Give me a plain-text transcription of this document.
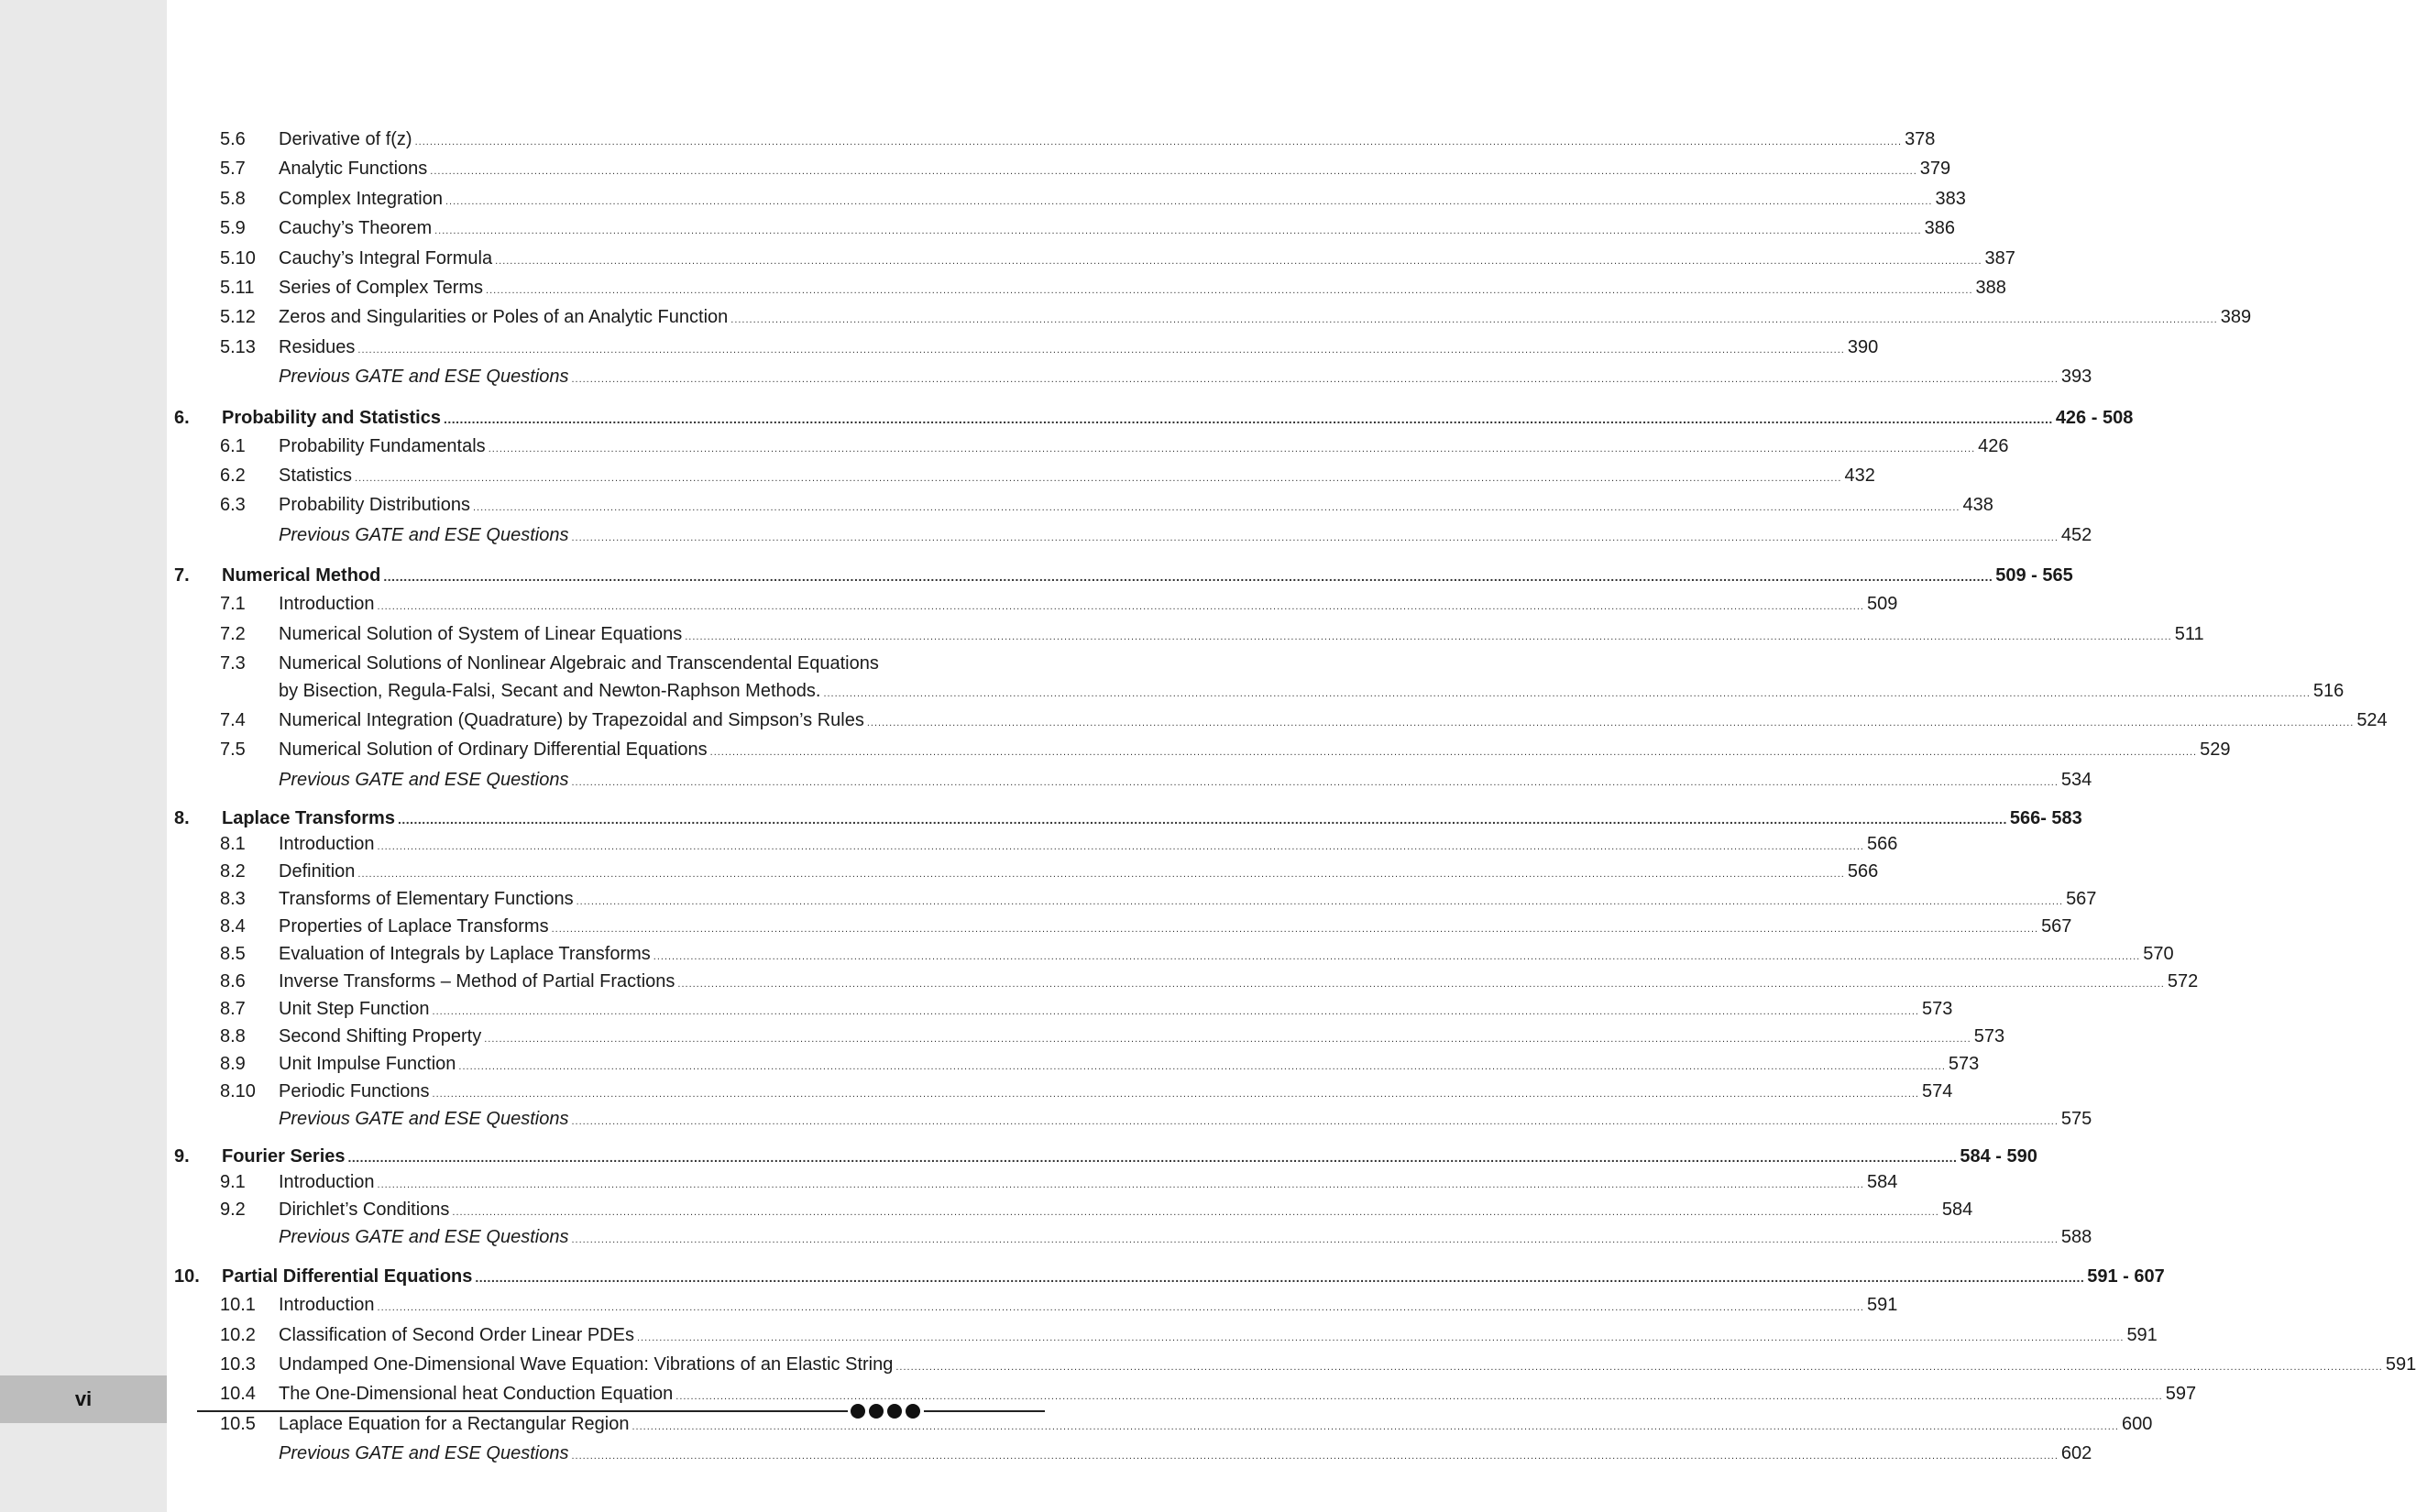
vi
5.6	Derivative of f(z) ................................................................................................................................................................................................................................................................................................................................................................................................................ 378
5.7	Analytic Functions ................................................................................................................................................................................................................................................................................................................................................................................................................ 379
5.8	Complex Integration ................................................................................................................................................................................................................................................................................................................................................................................................................ 383
5.9	Cauchy’s Theorem ................................................................................................................................................................................................................................................................................................................................................................................................................ 386
5.10	Cauchy’s Integral Formula ................................................................................................................................................................................................................................................................................................................................................................................................................ 387
5.11	Series of Complex Terms ................................................................................................................................................................................................................................................................................................................................................................................................................ 388
5.12	Zeros and Singularities or Poles of an Analytic Function ................................................................................................................................................................................................................................................................................................................................................................................................................ 389
5.13	Residues ................................................................................................................................................................................................................................................................................................................................................................................................................ 390
Previous GATE and ESE Questions ................................................................................................................................................................................................................................................................................................................................................................................................................ 393
6.	Probability and Statistics ................................................................................................................................................................................................................................................................................................................................................................................................................ 426 - 508
6.1	Probability Fundamentals ................................................................................................................................................................................................................................................................................................................................................................................................................ 426
6.2	Statistics ................................................................................................................................................................................................................................................................................................................................................................................................................ 432
6.3	Probability Distributions ................................................................................................................................................................................................................................................................................................................................................................................................................ 438
Previous GATE and ESE Questions ................................................................................................................................................................................................................................................................................................................................................................................................................ 452
7.	Numerical Method ................................................................................................................................................................................................................................................................................................................................................................................................................ 509 - 565
7.1	Introduction ................................................................................................................................................................................................................................................................................................................................................................................................................ 509
7.2	Numerical Solution of System of Linear Equations ................................................................................................................................................................................................................................................................................................................................................................................................................ 511
7.3	Numerical Solutions of Nonlinear Algebraic and Transcendental Equations
by Bisection, Regula-Falsi, Secant and Newton-Raphson Methods. ................................................................................................................................................................................................................................................................................................................................................................................................................ 516
7.4	Numerical Integration (Quadrature) by Trapezoidal and Simpson’s Rules ................................................................................................................................................................................................................................................................................................................................................................................................................ 524
7.5	Numerical Solution of Ordinary Differential Equations ................................................................................................................................................................................................................................................................................................................................................................................................................ 529
Previous GATE and ESE Questions ................................................................................................................................................................................................................................................................................................................................................................................................................ 534
8.	Laplace Transforms ................................................................................................................................................................................................................................................................................................................................................................................................................ 566- 583
8.1	Introduction ................................................................................................................................................................................................................................................................................................................................................................................................................ 566
8.2	Definition ................................................................................................................................................................................................................................................................................................................................................................................................................ 566
8.3	Transforms of Elementary Functions ................................................................................................................................................................................................................................................................................................................................................................................................................ 567
8.4	Properties of Laplace Transforms ................................................................................................................................................................................................................................................................................................................................................................................................................ 567
8.5	Evaluation of Integrals by Laplace Transforms ................................................................................................................................................................................................................................................................................................................................................................................................................ 570
8.6	Inverse Transforms – Method of Partial Fractions ................................................................................................................................................................................................................................................................................................................................................................................................................ 572
8.7	Unit Step Function ................................................................................................................................................................................................................................................................................................................................................................................................................ 573
8.8	Second Shifting Property ................................................................................................................................................................................................................................................................................................................................................................................................................ 573
8.9	Unit Impulse Function ................................................................................................................................................................................................................................................................................................................................................................................................................ 573
8.10	Periodic Functions ................................................................................................................................................................................................................................................................................................................................................................................................................ 574
Previous GATE and ESE Questions ................................................................................................................................................................................................................................................................................................................................................................................................................ 575
9.	Fourier Series ................................................................................................................................................................................................................................................................................................................................................................................................................ 584 - 590
9.1	Introduction ................................................................................................................................................................................................................................................................................................................................................................................................................ 584
9.2	Dirichlet’s Conditions ................................................................................................................................................................................................................................................................................................................................................................................................................ 584
Previous GATE and ESE Questions ................................................................................................................................................................................................................................................................................................................................................................................................................ 588
10.	Partial Differential Equations ................................................................................................................................................................................................................................................................................................................................................................................................................ 591 - 607
10.1	Introduction ................................................................................................................................................................................................................................................................................................................................................................................................................ 591
10.2	Classification of Second Order Linear PDEs ................................................................................................................................................................................................................................................................................................................................................................................................................ 591
10.3	Undamped One-Dimensional Wave Equation: Vibrations of an Elastic String ................................................................................................................................................................................................................................................................................................................................................................................................................ 591
10.4	The One-Dimensional heat Conduction Equation ................................................................................................................................................................................................................................................................................................................................................................................................................ 597
10.5	Laplace Equation for a Rectangular Region ................................................................................................................................................................................................................................................................................................................................................................................................................ 600
Previous GATE and ESE Questions ................................................................................................................................................................................................................................................................................................................................................................................................................ 602
